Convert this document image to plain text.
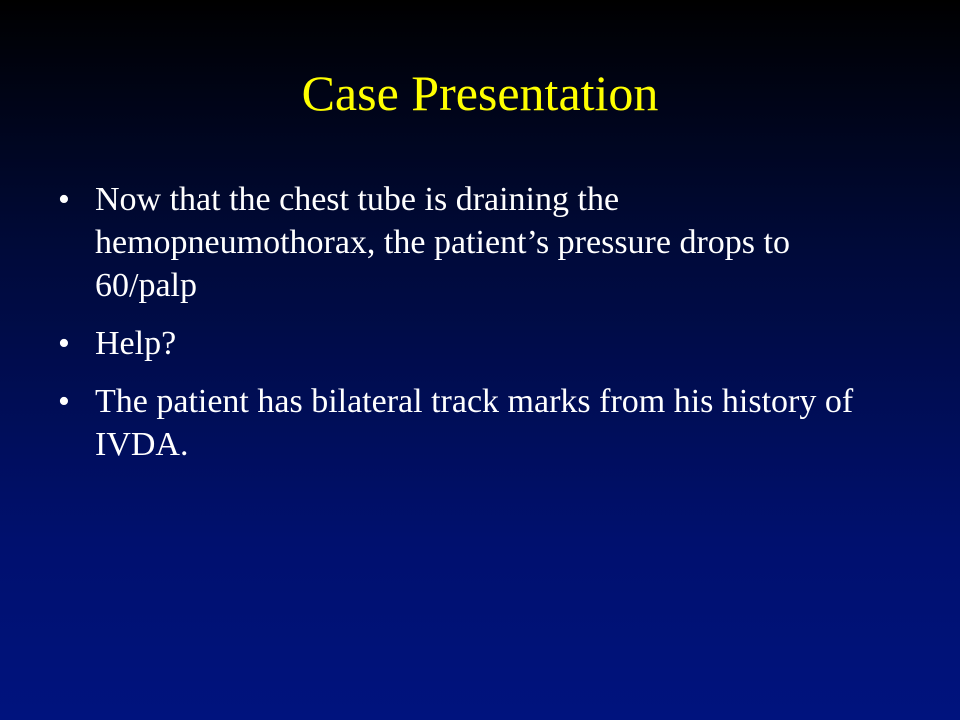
Case Presentation
• Now that the chest tube is draining the hemopneumothorax, the patient’s pressure drops to 60/palp
• Help?
• The patient has bilateral track marks from his history of IVDA.
